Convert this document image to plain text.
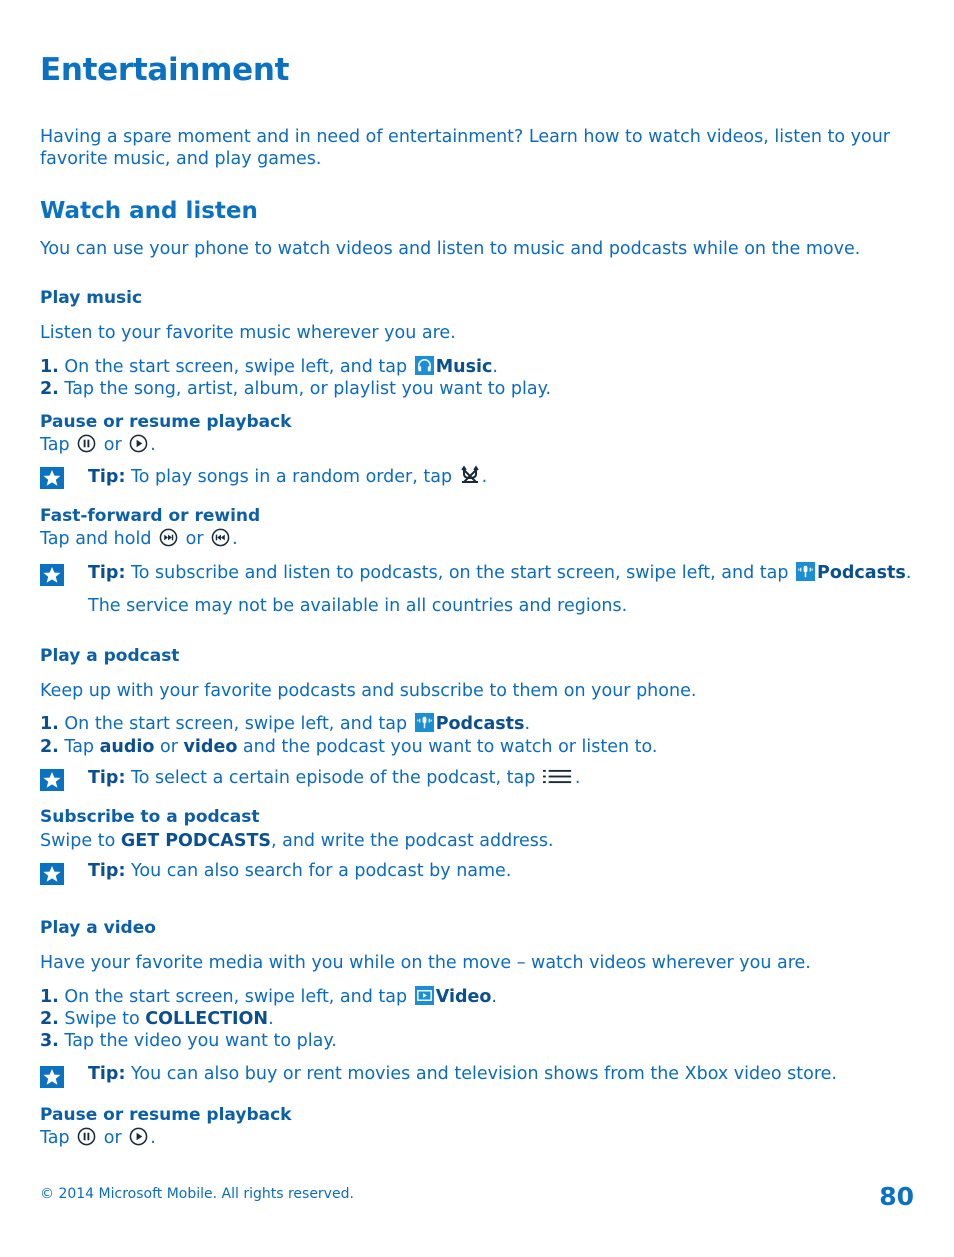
Entertainment
Having a spare moment and in need of entertainment? Learn how to watch videos, listen to your
favorite music, and play games.
Watch and listen
You can use your phone to watch videos and listen to music and podcasts while on the move.
Play music
Listen to your favorite music wherever you are.
1. On the start screen, swipe left, and tap Music.
2. Tap the song, artist, album, or playlist you want to play.
Pause or resume playback
Tap or .
Tip: To play songs in a random order, tap .
Fast-forward or rewind
Tap and hold or .
Tip: To subscribe and listen to podcasts, on the start screen, swipe left, and tap Podcasts.
The service may not be available in all countries and regions.
Play a podcast
Keep up with your favorite podcasts and subscribe to them on your phone.
1. On the start screen, swipe left, and tap Podcasts.
2. Tap audio or video and the podcast you want to watch or listen to.
Tip: To select a certain episode of the podcast, tap .
Subscribe to a podcast
Swipe to GET PODCASTS, and write the podcast address.
Tip: You can also search for a podcast by name.
Play a video
Have your favorite media with you while on the move – watch videos wherever you are.
1. On the start screen, swipe left, and tap Video.
2. Swipe to COLLECTION.
3. Tap the video you want to play.
Tip: You can also buy or rent movies and television shows from the Xbox video store.
Pause or resume playback
Tap or .
© 2014 Microsoft Mobile. All rights reserved.	80
